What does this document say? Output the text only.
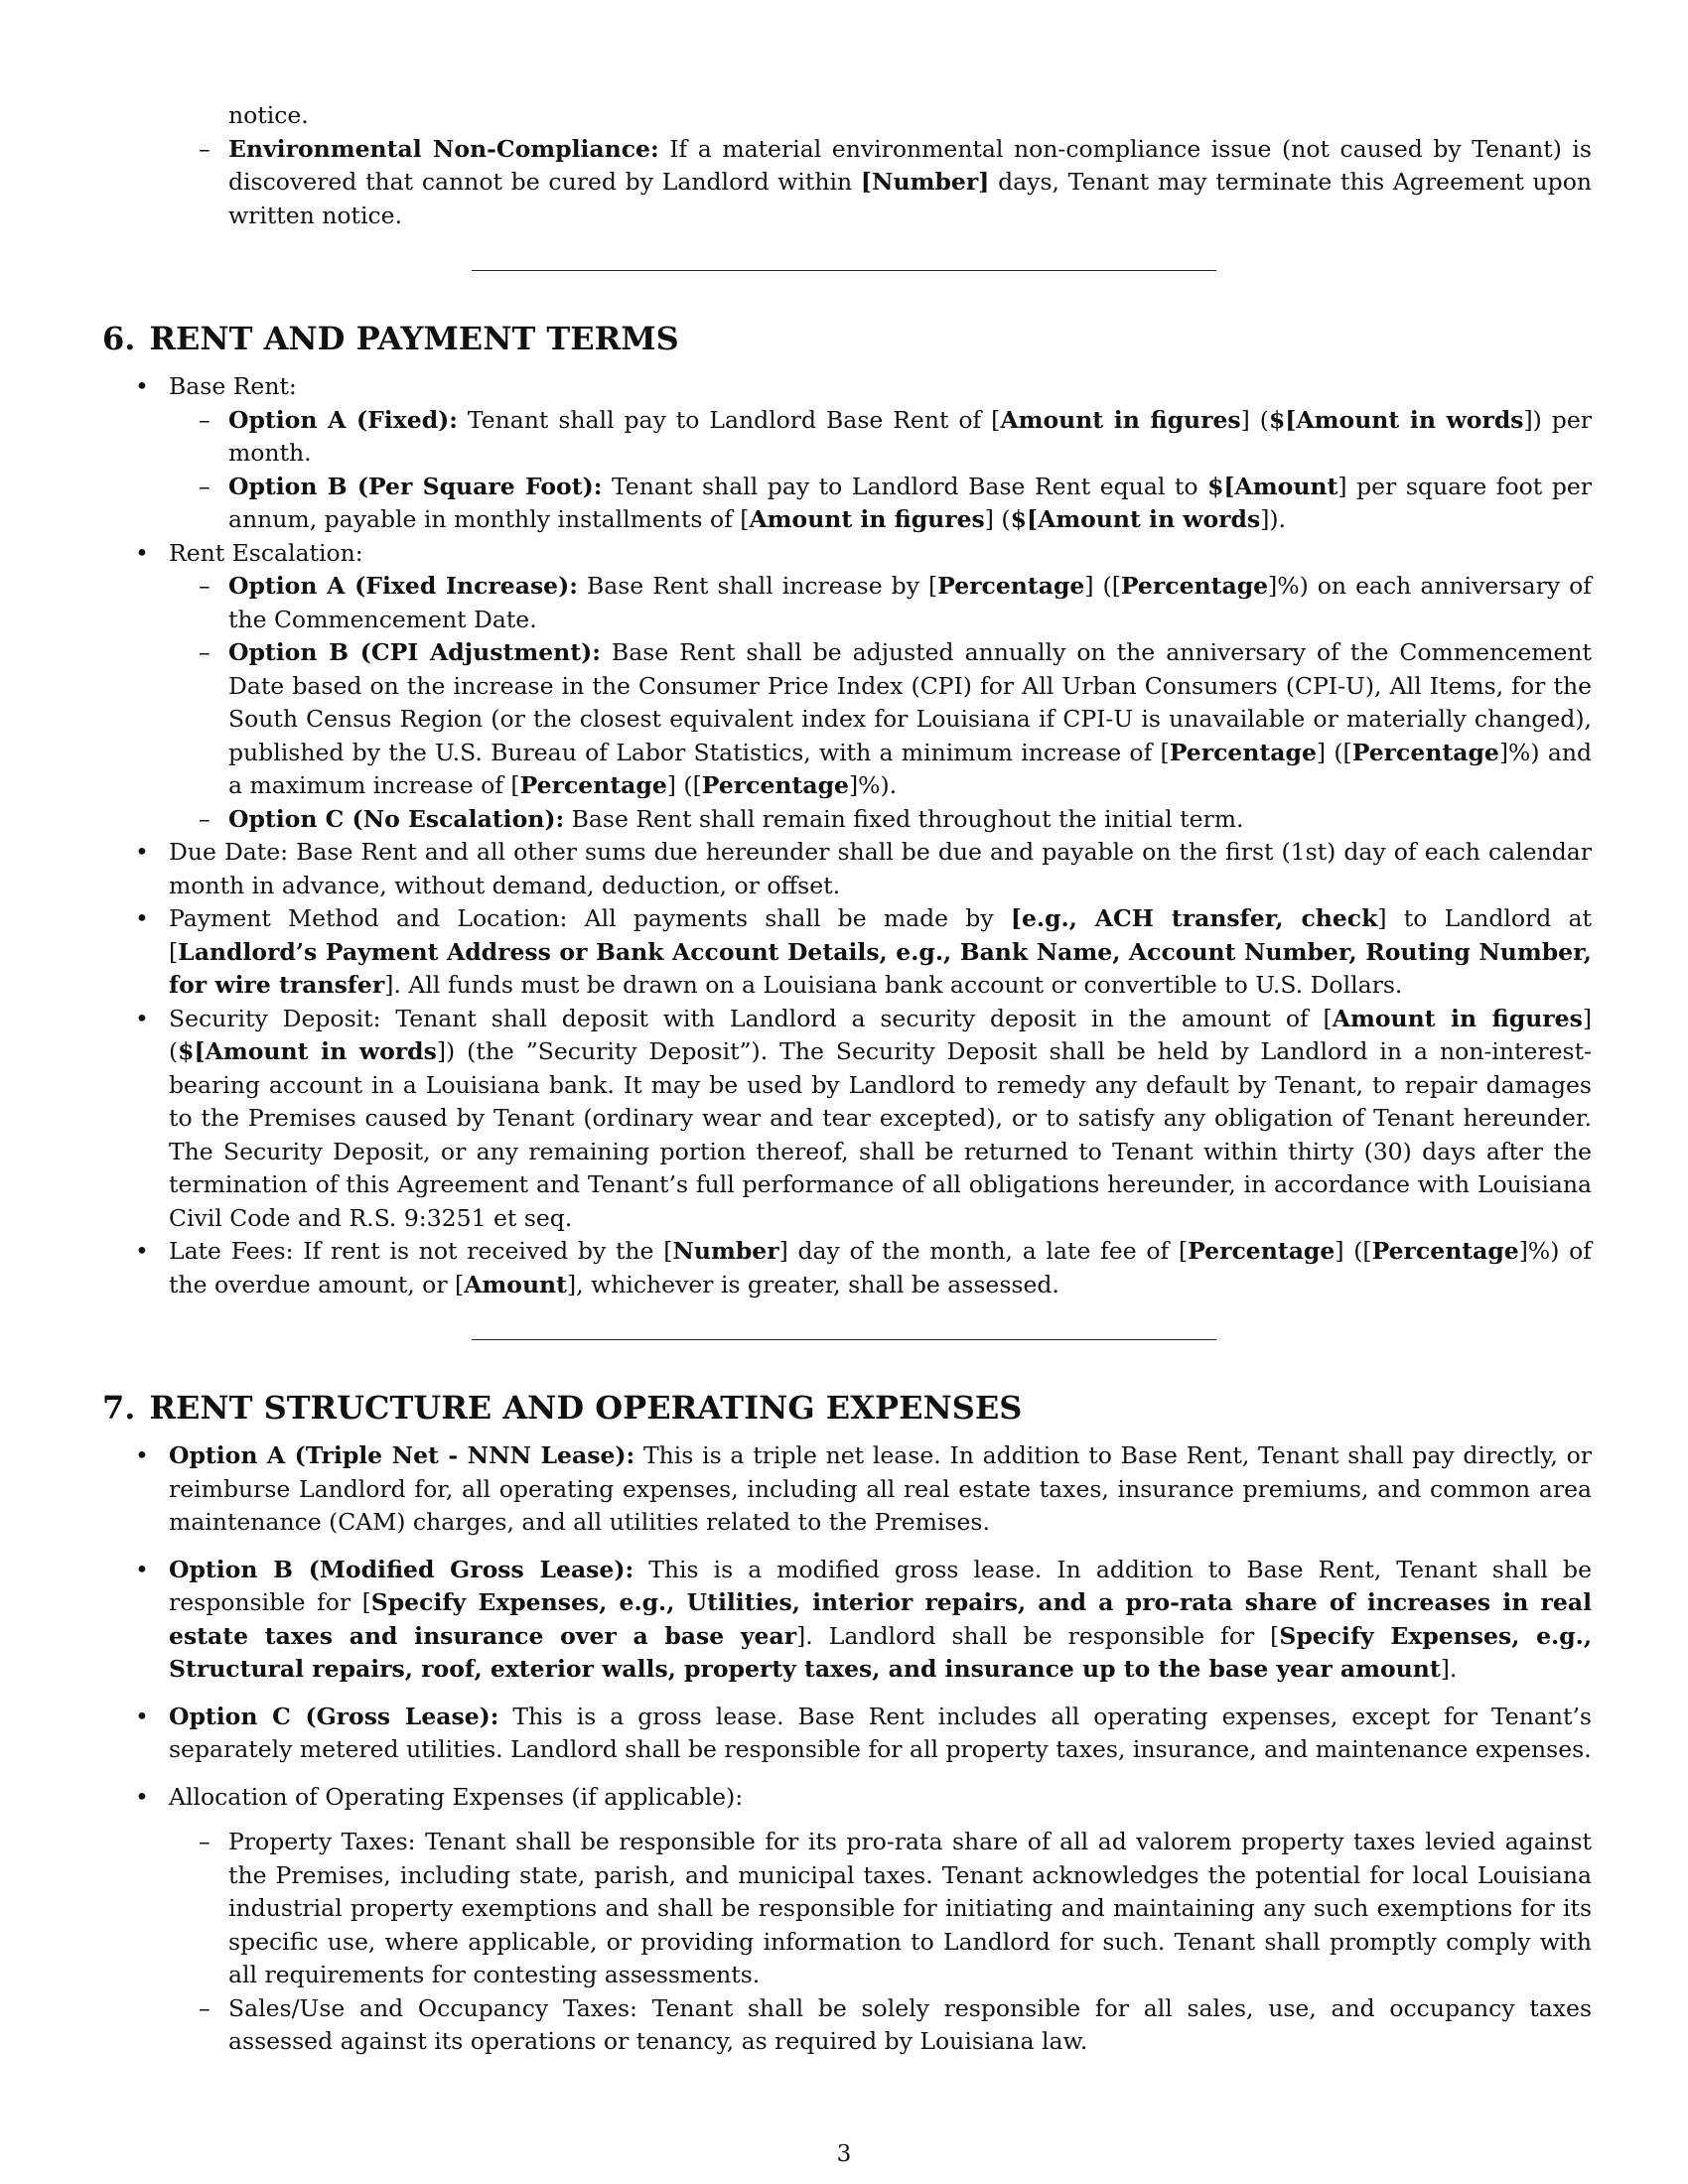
notice.

– Environmental Non-Compliance: If a material environmental non-compliance issue (not caused by Tenant) is discovered that cannot be cured by Landlord within [Number] days, Tenant may terminate this Agreement upon written notice.

6. RENT AND PAYMENT TERMS

• Base Rent:

– Option A (Fixed): Tenant shall pay to Landlord Base Rent of [Amount in figures] ($[Amount in words]) per month.

– Option B (Per Square Foot): Tenant shall pay to Landlord Base Rent equal to $[Amount] per square foot per annum, payable in monthly installments of [Amount in figures] ($[Amount in words]).

• Rent Escalation:

– Option A (Fixed Increase): Base Rent shall increase by [Percentage] ([Percentage]%) on each anniversary of the Commencement Date.

– Option B (CPI Adjustment): Base Rent shall be adjusted annually on the anniversary of the Commencement Date based on the increase in the Consumer Price Index (CPI) for All Urban Consumers (CPI-U), All Items, for the South Census Region (or the closest equivalent index for Louisiana if CPI-U is unavailable or materially changed), published by the U.S. Bureau of Labor Statistics, with a minimum increase of [Percentage] ([Percentage]%) and a maximum increase of [Percentage] ([Percentage]%).

– Option C (No Escalation): Base Rent shall remain fixed throughout the initial term.

• Due Date: Base Rent and all other sums due hereunder shall be due and payable on the first (1st) day of each calendar month in advance, without demand, deduction, or offset.

• Payment Method and Location: All payments shall be made by [e.g., ACH transfer, check] to Landlord at [Landlord’s Payment Address or Bank Account Details, e.g., Bank Name, Account Number, Routing Number, for wire transfer]. All funds must be drawn on a Louisiana bank account or convertible to U.S. Dollars.

• Security Deposit: Tenant shall deposit with Landlord a security deposit in the amount of [Amount in figures] ($[Amount in words]) (the ”Security Deposit”). The Security Deposit shall be held by Landlord in a non-interest-bearing account in a Louisiana bank. It may be used by Landlord to remedy any default by Tenant, to repair damages to the Premises caused by Tenant (ordinary wear and tear excepted), or to satisfy any obligation of Tenant hereunder. The Security Deposit, or any remaining portion thereof, shall be returned to Tenant within thirty (30) days after the termination of this Agreement and Tenant’s full performance of all obligations hereunder, in accordance with Louisiana Civil Code and R.S. 9:3251 et seq.

• Late Fees: If rent is not received by the [Number] day of the month, a late fee of [Percentage] ([Percentage]%) of the overdue amount, or [Amount], whichever is greater, shall be assessed.

7. RENT STRUCTURE AND OPERATING EXPENSES

• Option A (Triple Net - NNN Lease): This is a triple net lease. In addition to Base Rent, Tenant shall pay directly, or reimburse Landlord for, all operating expenses, including all real estate taxes, insurance premiums, and common area maintenance (CAM) charges, and all utilities related to the Premises.

• Option B (Modified Gross Lease): This is a modified gross lease. In addition to Base Rent, Tenant shall be responsible for [Specify Expenses, e.g., Utilities, interior repairs, and a pro-rata share of increases in real estate taxes and insurance over a base year]. Landlord shall be responsible for [Specify Expenses, e.g., Structural repairs, roof, exterior walls, property taxes, and insurance up to the base year amount].

• Option C (Gross Lease): This is a gross lease. Base Rent includes all operating expenses, except for Tenant’s separately metered utilities. Landlord shall be responsible for all property taxes, insurance, and maintenance expenses.

• Allocation of Operating Expenses (if applicable):

– Property Taxes: Tenant shall be responsible for its pro-rata share of all ad valorem property taxes levied against the Premises, including state, parish, and municipal taxes. Tenant acknowledges the potential for local Louisiana industrial property exemptions and shall be responsible for initiating and maintaining any such exemptions for its specific use, where applicable, or providing information to Landlord for such. Tenant shall promptly comply with all requirements for contesting assessments.

– Sales/Use and Occupancy Taxes: Tenant shall be solely responsible for all sales, use, and occupancy taxes assessed against its operations or tenancy, as required by Louisiana law.

3
